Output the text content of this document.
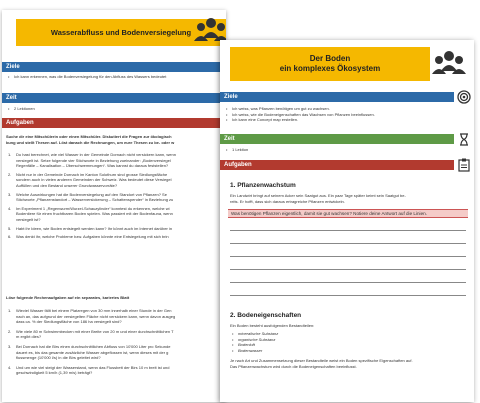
Wasserabfluss und Bodenversiegelung
Ziele
• Ich kann erkennen, was die Bodenversiegelung für den Abfluss des Wassers bedeutet
Zeit
• 2 Lektionen
Aufgaben
Suche dir eine Mitschülerin oder einen Mitschüler. Diskutiert die Fragen zur ökologisch
kung und stellt Thesen auf. Löst danach die Rechnungen, um eure Thesen zu be- oder w
1. Du hast berechnet, wie viel Wasser in der Gemeinde Dornach nicht versickern kann, wenn
versiegelt ist. Setze folgende vier Stichworte in Beziehung zueinander: „Bodenversiegel
Regenfälle – Kanalisation – Überschwemmungen“. Was kannst du daraus feststellen?
2. Nicht nur in der Gemeinde Dornach im Kanton Solothurn sind grosse Siedlungsfläche
sondern auch in vielen anderen Gemeinden der Schweiz. Was bedeutet diese Versiegel
Auffüllen und den Bestand unserer Grundwasservorräte?
3. Welche Auswirkungen hat die Bodenversiegelung auf den Standort von Pflanzen? Se
Stichworte „Pflanzenstandort – Wasserversickerung – Schattenspender“ in Beziehung zu
4. Im Experiment 1 „Regenwurm/Wurzel-Schauzylinder“ konntest du erkennen, welche wi
Bodentiere für einen fruchtbaren Boden spielen. Was passiert mit der Bodenfauna, wenn
versiegelt ist?
5. Habt ihr Ideen, wie Boden entsiegelt werden kann? Ihr könnt auch im Internet darüber in
6. Was denkt ihr, welche Probleme bzw. Aufgaben könnte eine Entsiegelung mit sich brin
Löse folgende Rechenaufgaben auf ein separates, kariertes Blatt
1. Wieviel Wasser fällt bei einem Platzregen von 30 mm innerhalb einer Stunde in der Gen
nach an, das aufgrund der versiegelten Fläche nicht versickern kann, wenn davon ausgeg
dass ca. % der Siedlungsfläche von 186 ha versiegelt sind?
2. Wie viele 80 m Schwimmbecken mit einer Breite von 20 m und einer durchschnittlichen T
m ergibt dies?
3. Bei Dornach hat die Birs einen durchschnittlichen Abfluss von 10'000 Liter pro Sekunde
dauert es, bis das gesamte zusätzliche Wasser abgeflossen ist, wenn dieses mit der g
flussmenge (10'000 l/s) in die Birs geleitet wird?
4. Und um wie viel steigt der Wasserstand, wenn das Flussbett der Birs 10 m breit ist und
geschwindigkeit 5 km/h (1,39 m/s) beträgt?
Der Boden
ein komplexes Ökosystem
Ziele
• Ich weiss, was Pflanzen benötigen um gut zu wachsen.
• Ich weiss, wie die Bodeneigenschaften das Wachsen von Pflanzen beeinflussen.
• Ich kann eine Concept map erstellen.
Zeit
• 1 Lektion
Aufgaben
1. Pflanzenwachstum
Ein Landwirt bringt auf seinem Acker sein Saatgut aus. Ein paar Tage später keimt sein Saatgut be-
reits. Er hofft, dass sich daraus ertragreiche Pflanzen entwickeln.
Was benötigen Pflanzen eigentlich, damit sie gut wachsen? Notiere deine Antwort auf die Linien.
2. Bodeneigenschaften
Ein Boden besteht ausfolgenden Bestandteilen:
• mineralische Substanz
• organische Substanz
• Bodenluft
• Bodenwasser
Je nach Art und Zusammensetzung dieser Bestandteile weist ein Boden spezifische Eigenschaften auf.
Das Pflanzenwachstum wird durch die Bodeneigenschaften beeinflusst.
